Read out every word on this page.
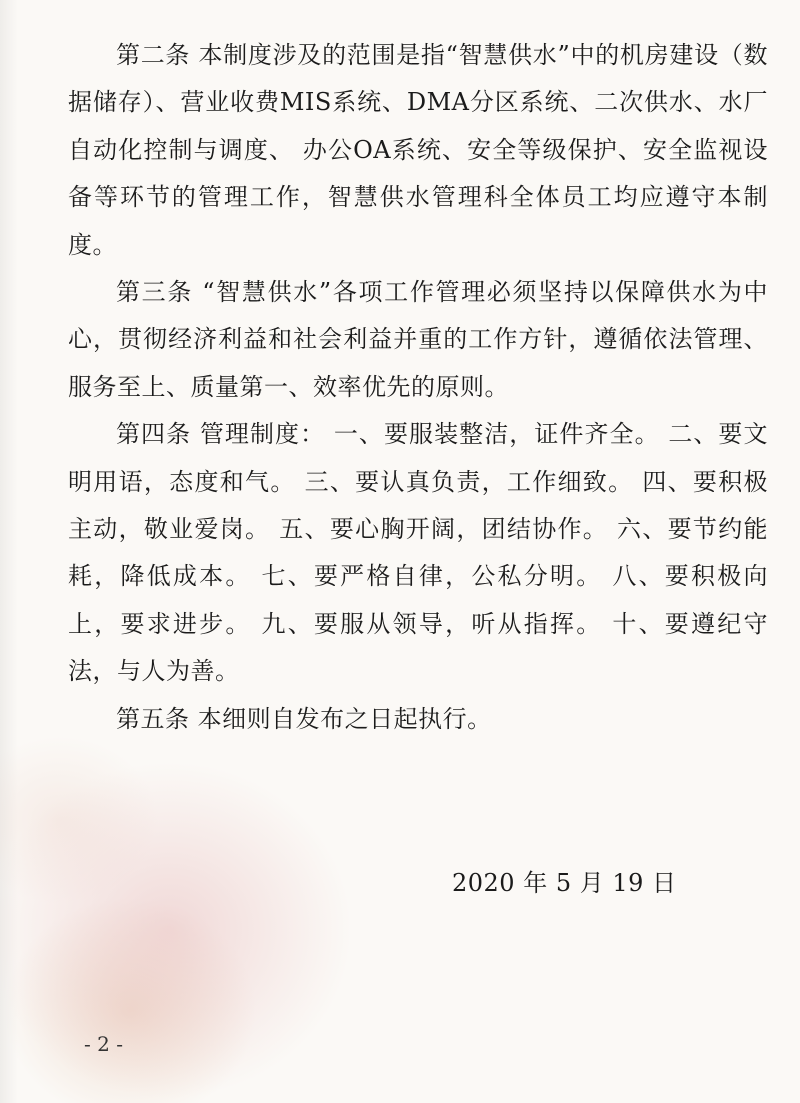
第二条 本制度涉及的范围是指“智慧供水”中的机房建设（数据储存）、营业收费MIS系统、DMA分区系统、二次供水、水厂自动化控制与调度、 办公OA系统、安全等级保护、安全监视设备等环节的管理工作，智慧供水管理科全体员工均应遵守本制度。

第三条 “智慧供水”各项工作管理必须坚持以保障供水为中心，贯彻经济利益和社会利益并重的工作方针，遵循依法管理、服务至上、质量第一、效率优先的原则。

第四条 管理制度： 一、要服装整洁，证件齐全。 二、要文明用语，态度和气。 三、要认真负责，工作细致。 四、要积极主动，敬业爱岗。 五、要心胸开阔，团结协作。 六、要节约能耗，降低成本。 七、要严格自律，公私分明。 八、要积极向上，要求进步。 九、要服从领导，听从指挥。 十、要遵纪守法，与人为善。

第五条 本细则自发布之日起执行。

2020 年 5 月 19 日
- 2 -
